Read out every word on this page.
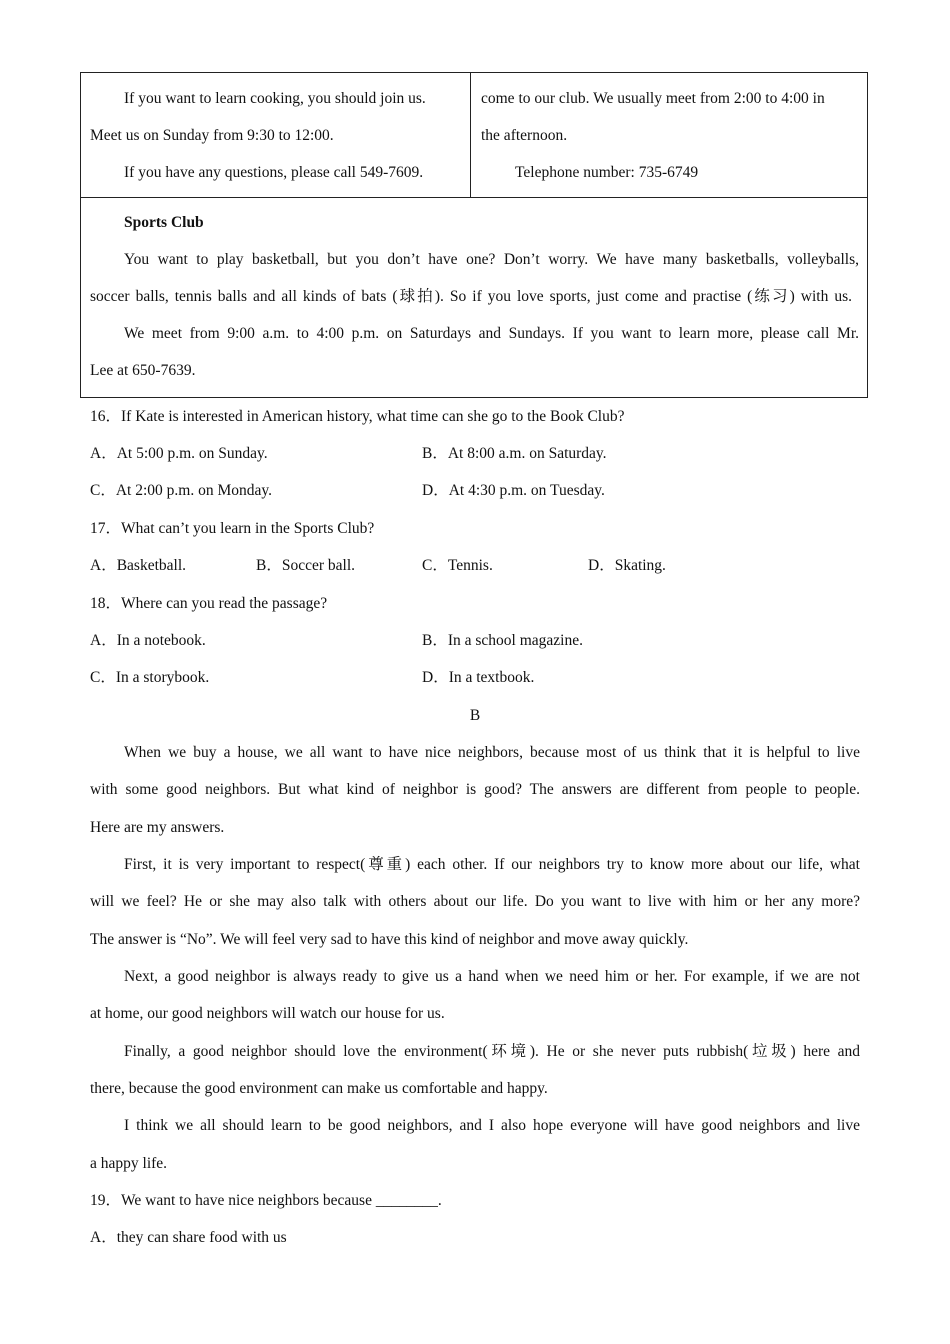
If you want to learn cooking, you should join us.
Meet us on Sunday from 9:30 to 12:00.
If you have any questions, please call 549-7609.
come to our club. We usually meet from 2:00 to 4:00 in
the afternoon.
Telephone number: 735-6749
Sports Club
You want to play basketball, but you don’t have one? Don’t worry. We have many basketballs, volleyballs,
soccer balls, tennis balls and all kinds of bats (球拍). So if you love sports, just come and practise (练习) with us.
We meet from 9:00 a.m. to 4:00 p.m. on Saturdays and Sundays. If you want to learn more, please call Mr.
Lee at 650-7639.
16．If Kate is interested in American history, what time can she go to the Book Club?
A．At 5:00 p.m. on Sunday.	B．At 8:00 a.m. on Saturday.
C．At 2:00 p.m. on Monday.	D．At 4:30 p.m. on Tuesday.
17．What can’t you learn in the Sports Club?
A．Basketball.	B．Soccer ball.	C．Tennis.	D．Skating.
18．Where can you read the passage?
A．In a notebook.	B．In a school magazine.
C．In a storybook.	D．In a textbook.
B
When we buy a house, we all want to have nice neighbors, because most of us think that it is helpful to live
with some good neighbors. But what kind of neighbor is good? The answers are different from people to people.
Here are my answers.
First, it is very important to respect(尊重) each other. If our neighbors try to know more about our life, what
will we feel? He or she may also talk with others about our life. Do you want to live with him or her any more?
The answer is “No”. We will feel very sad to have this kind of neighbor and move away quickly.
Next, a good neighbor is always ready to give us a hand when we need him or her. For example, if we are not
at home, our good neighbors will watch our house for us.
Finally, a good neighbor should love the environment(环境). He or she never puts rubbish(垃圾) here and
there, because the good environment can make us comfortable and happy.
I think we all should learn to be good neighbors, and I also hope everyone will have good neighbors and live
a happy life.
19．We want to have nice neighbors because ________.
A．they can share food with us
